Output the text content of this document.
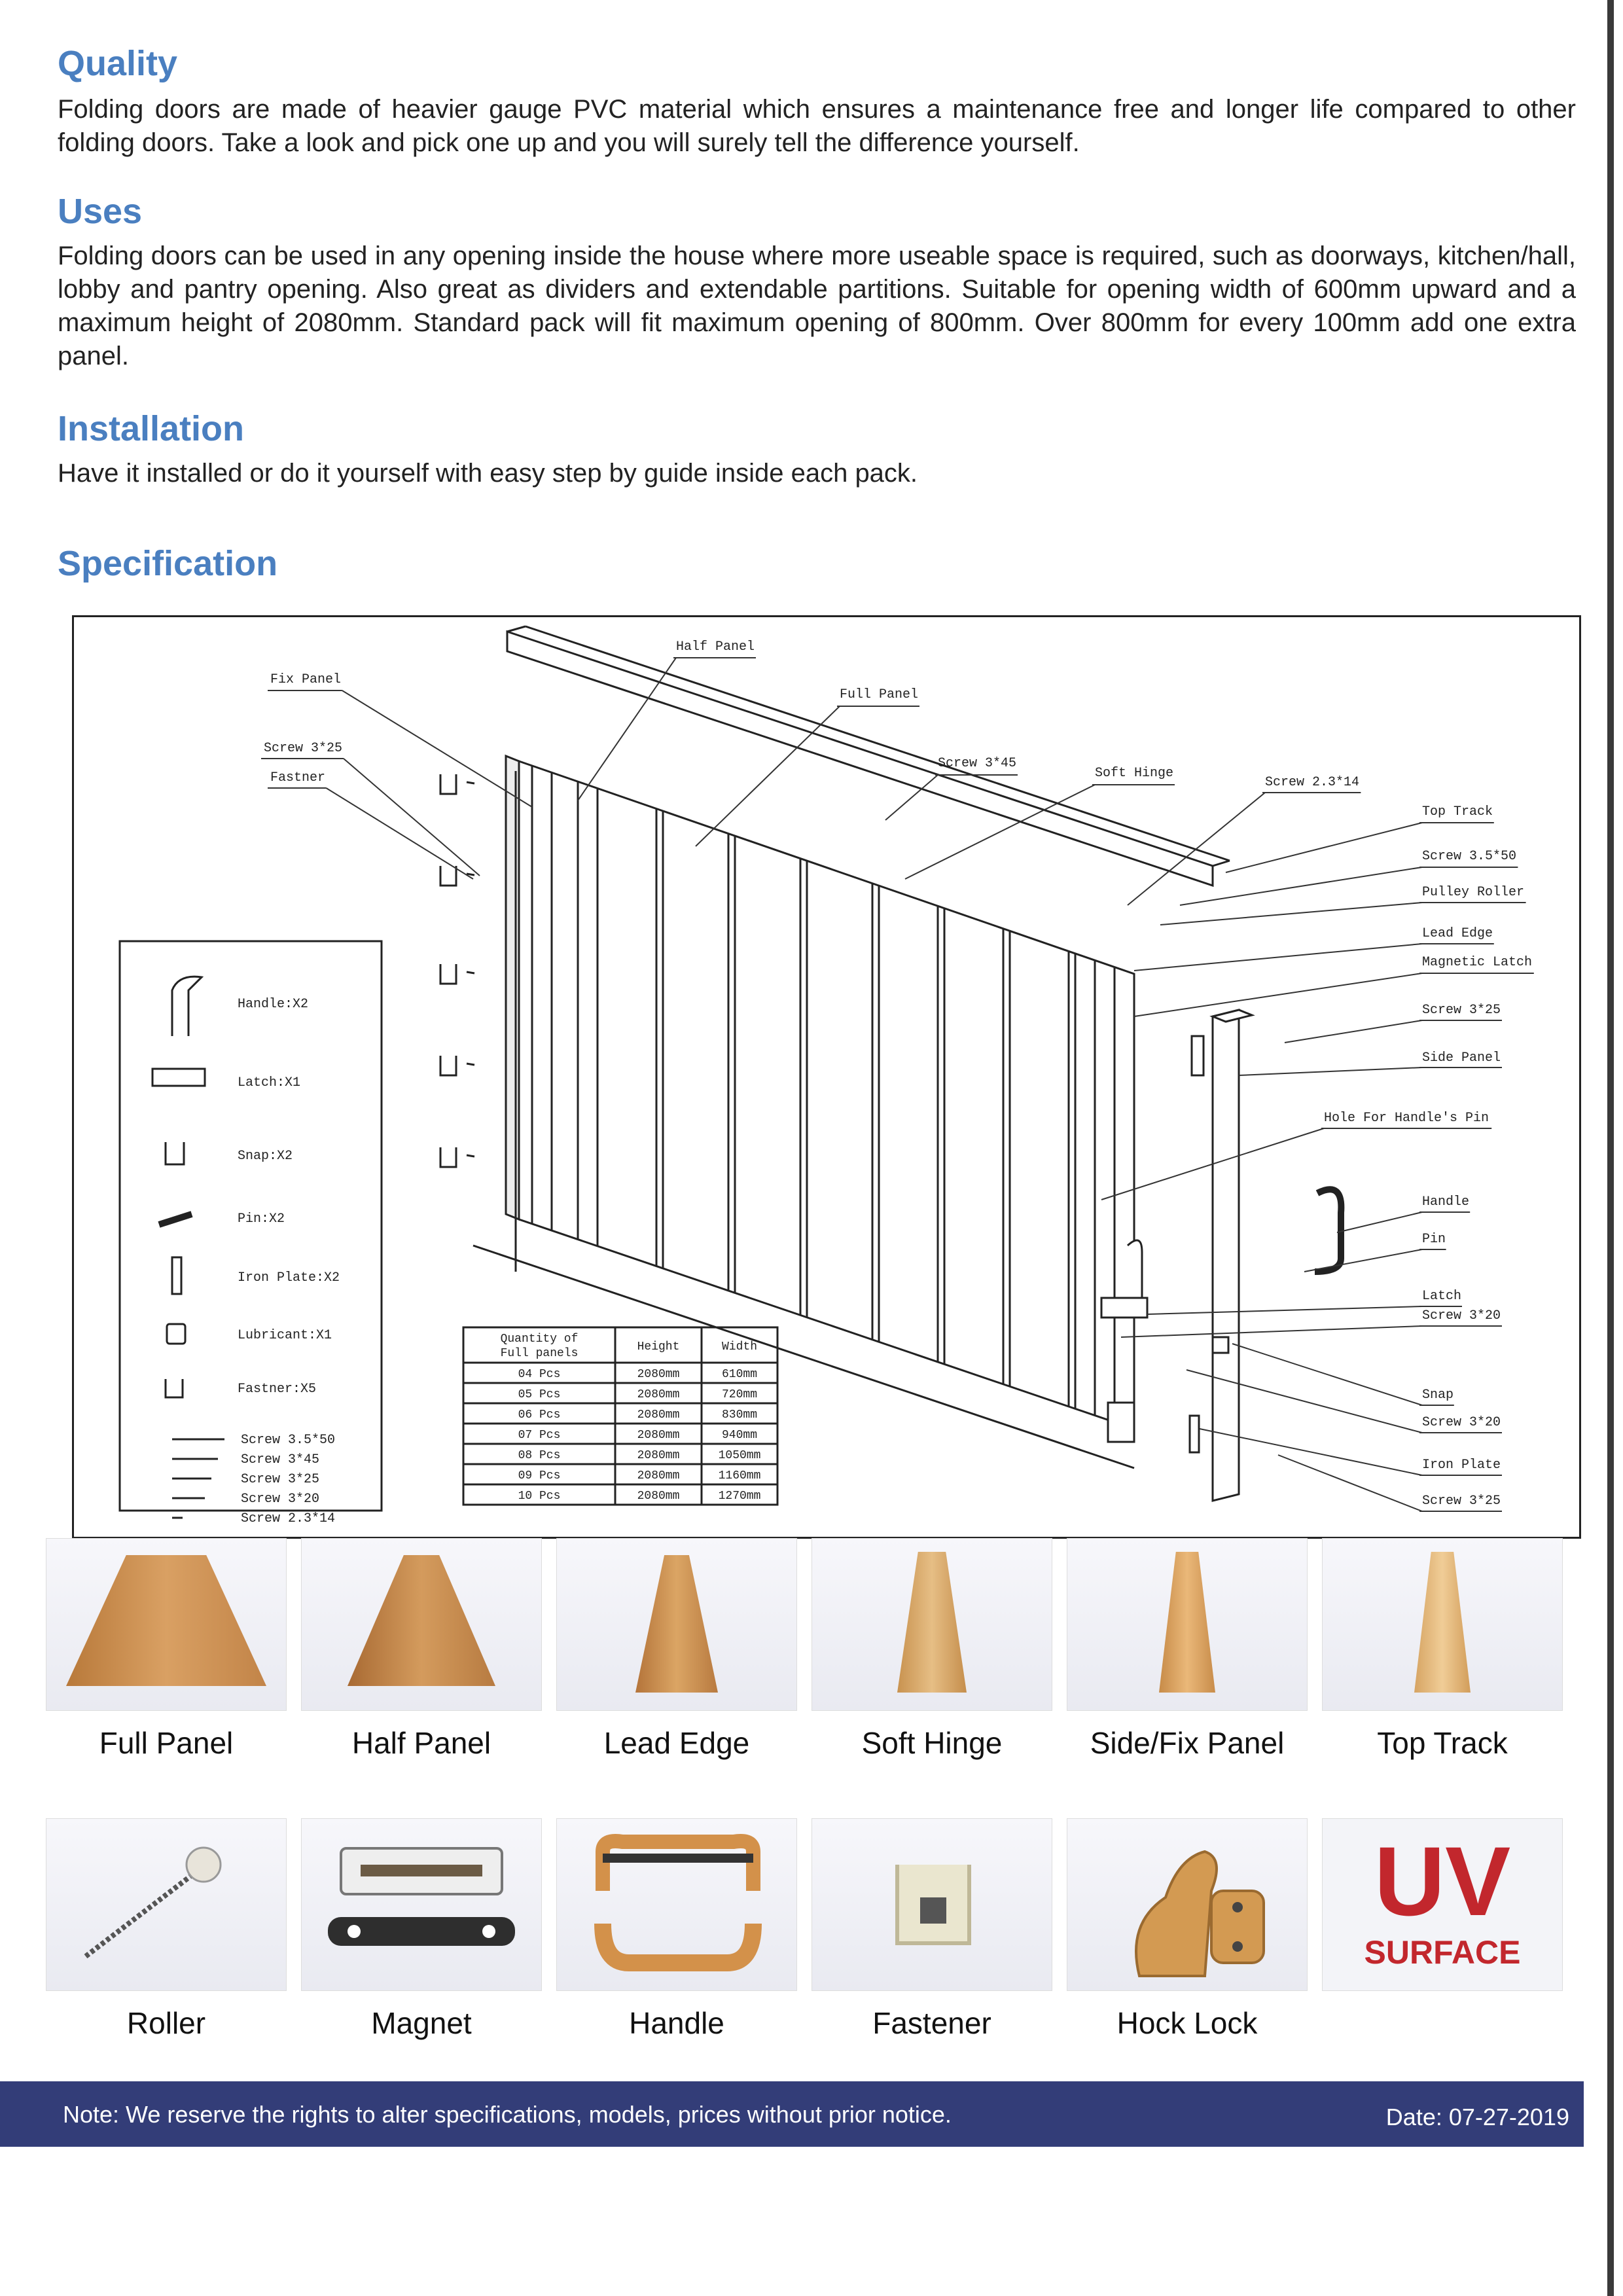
Quality

Folding doors are made of heavier gauge PVC material which ensures a maintenance free and longer life compared to other folding doors. Take a look and pick one up and you will surely tell the difference yourself.

Uses

Folding doors can be used in any opening inside the house where more useable space is required, such as doorways, kitchen/hall, lobby and pantry opening. Also great as dividers and extendable partitions. Suitable for opening width of 600mm upward and a maximum height of 2080mm. Standard pack will fit maximum opening of 800mm. Over 800mm for every 100mm add one extra panel.

Installation

Have it installed or do it yourself with easy step by guide inside each pack.

Specification
Half Panel
Full Panel
Fix Panel
Screw 3*25
Fastner
Screw 3*45
Soft Hinge
Screw 2.3*14
Top Track
Screw 3.5*50
Pulley Roller
Lead Edge
Magnetic Latch
Screw 3*25
Side Panel
Hole For Handle's Pin
Handle
Pin
Latch
Screw 3*20
Snap
Screw 3*20
Iron Plate
Screw 3*25
Handle:X2
Latch:X1
Snap:X2
Pin:X2
Iron Plate:X2
Lubricant:X1
Fastner:X5
Screw 3.5*50
Screw 3*45
Screw 3*25
Screw 3*20
Screw 2.3*14
Quantity of
Full panels	Height	Width
04 Pcs	2080mm	610mm
05 Pcs	2080mm	720mm
06 Pcs	2080mm	830mm
07 Pcs	2080mm	940mm
08 Pcs	2080mm	1050mm
09 Pcs	2080mm	1160mm
10 Pcs	2080mm	1270mm
Full Panel	Half Panel	Lead Edge	Soft Hinge	Side/Fix Panel	Top Track
Roller	Magnet	Handle	Fastener	Hock Lock
UV
SURFACE
Note: We reserve the rights to alter specifications, models, prices without prior notice.	Date: 07-27-2019
